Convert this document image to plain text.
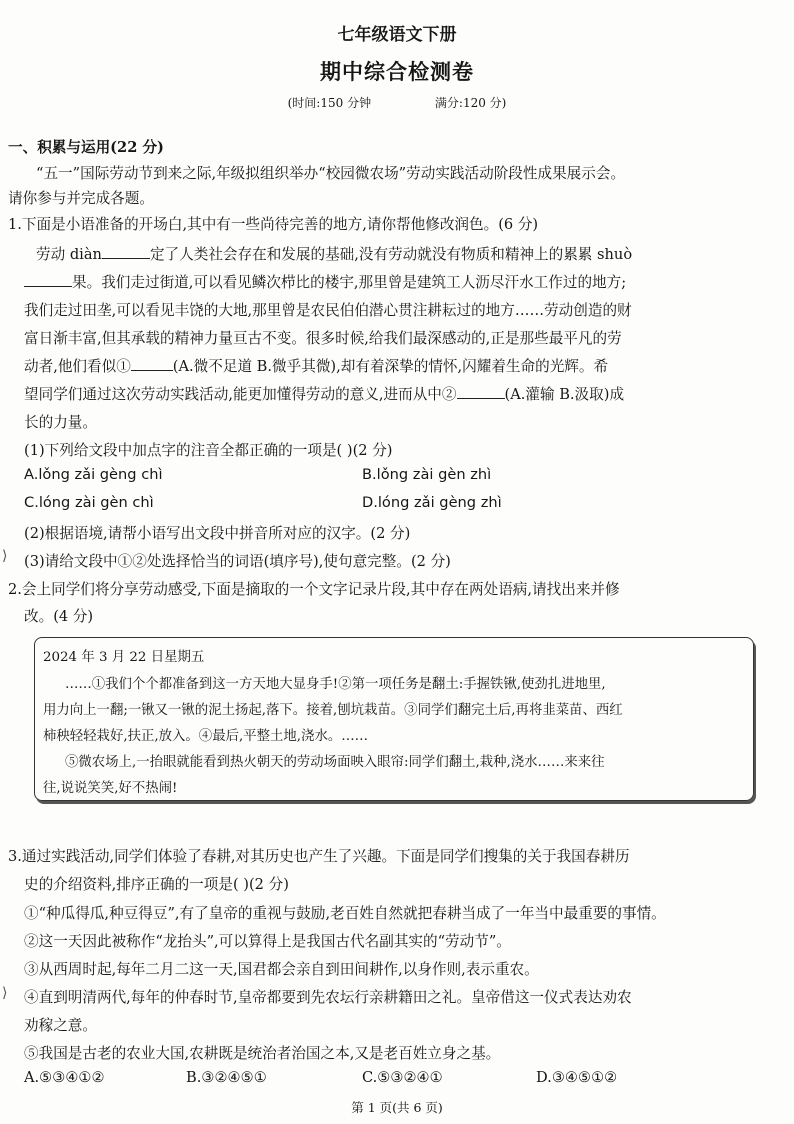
七年级语文下册
期中综合检测卷
(时间:150 分钟	满分:120 分)
一、积累与运用(22 分)
“五一”国际劳动节到来之际,年级拟组织举办“校园微农场”劳动实践活动阶段性成果展示会。
请你参与并完成各题。
1.下面是小语准备的开场白,其中有一些尚待完善的地方,请你帮他修改润色。(6 分)
劳动 diàn	定了人类社会存在和发展的基础,没有劳动就没有物质和精神上的累累 shuò
果。我们走过街道,可以看见鳞次栉比的楼宇,那里曾是建筑工人沥尽汗水工作过的地方;
我们走过田垄,可以看见丰饶的大地,那里曾是农民伯伯潜心贯注耕耘过的地方……劳动创造的财
富日渐丰富,但其承载的精神力量亘古不变。很多时候,给我们最深感动的,正是那些最平凡的劳
动者,他们看似①	(A.微不足道 B.微乎其微),却有着深挚的情怀,闪耀着生命的光辉。希
望同学们通过这次劳动实践活动,能更加懂得劳动的意义,进而从中②	(A.灌输 B.汲取)成
长的力量。
(1)下列给文段中加点字的注音全都正确的一项是( )(2 分)
A.lǒng zǎi gèng chì	B.lǒng zài gèn zhì
C.lóng zài gèn chì	D.lóng zǎi gèng zhì
(2)根据语境,请帮小语写出文段中拼音所对应的汉字。(2 分)
⟩ (3)请给文段中①②处选择恰当的词语(填序号),使句意完整。(2 分)
2.会上同学们将分享劳动感受,下面是摘取的一个文字记录片段,其中存在两处语病,请找出来并修
改。(4 分)
2024 年 3 月 22 日星期五
……①我们个个都准备到这一方天地大显身手!②第一项任务是翻土:手握铁锹,使劲扎进地里,
用力向上一翻;一锹又一锹的泥土扬起,落下。接着,刨坑栽苗。③同学们翻完土后,再将韭菜苗、西红
柿秧轻轻栽好,扶正,放入。④最后,平整土地,浇水。……
⑤微农场上,一抬眼就能看到热火朝天的劳动场面映入眼帘:同学们翻土,栽种,浇水……来来往
往,说说笑笑,好不热闹!
3.通过实践活动,同学们体验了春耕,对其历史也产生了兴趣。下面是同学们搜集的关于我国春耕历
史的介绍资料,排序正确的一项是( )(2 分)
①“种瓜得瓜,种豆得豆”,有了皇帝的重视与鼓励,老百姓自然就把春耕当成了一年当中最重要的事情。
②这一天因此被称作“龙抬头”,可以算得上是我国古代名副其实的“劳动节”。
③从西周时起,每年二月二这一天,国君都会亲自到田间耕作,以身作则,表示重农。
⟩ ④直到明清两代,每年的仲春时节,皇帝都要到先农坛行亲耕籍田之礼。皇帝借这一仪式表达劝农
劝稼之意。
⑤我国是古老的农业大国,农耕既是统治者治国之本,又是老百姓立身之基。
A.⑤③④①②	B.③②④⑤①	C.⑤③②④①	D.③④⑤①②
第 1 页(共 6 页)
